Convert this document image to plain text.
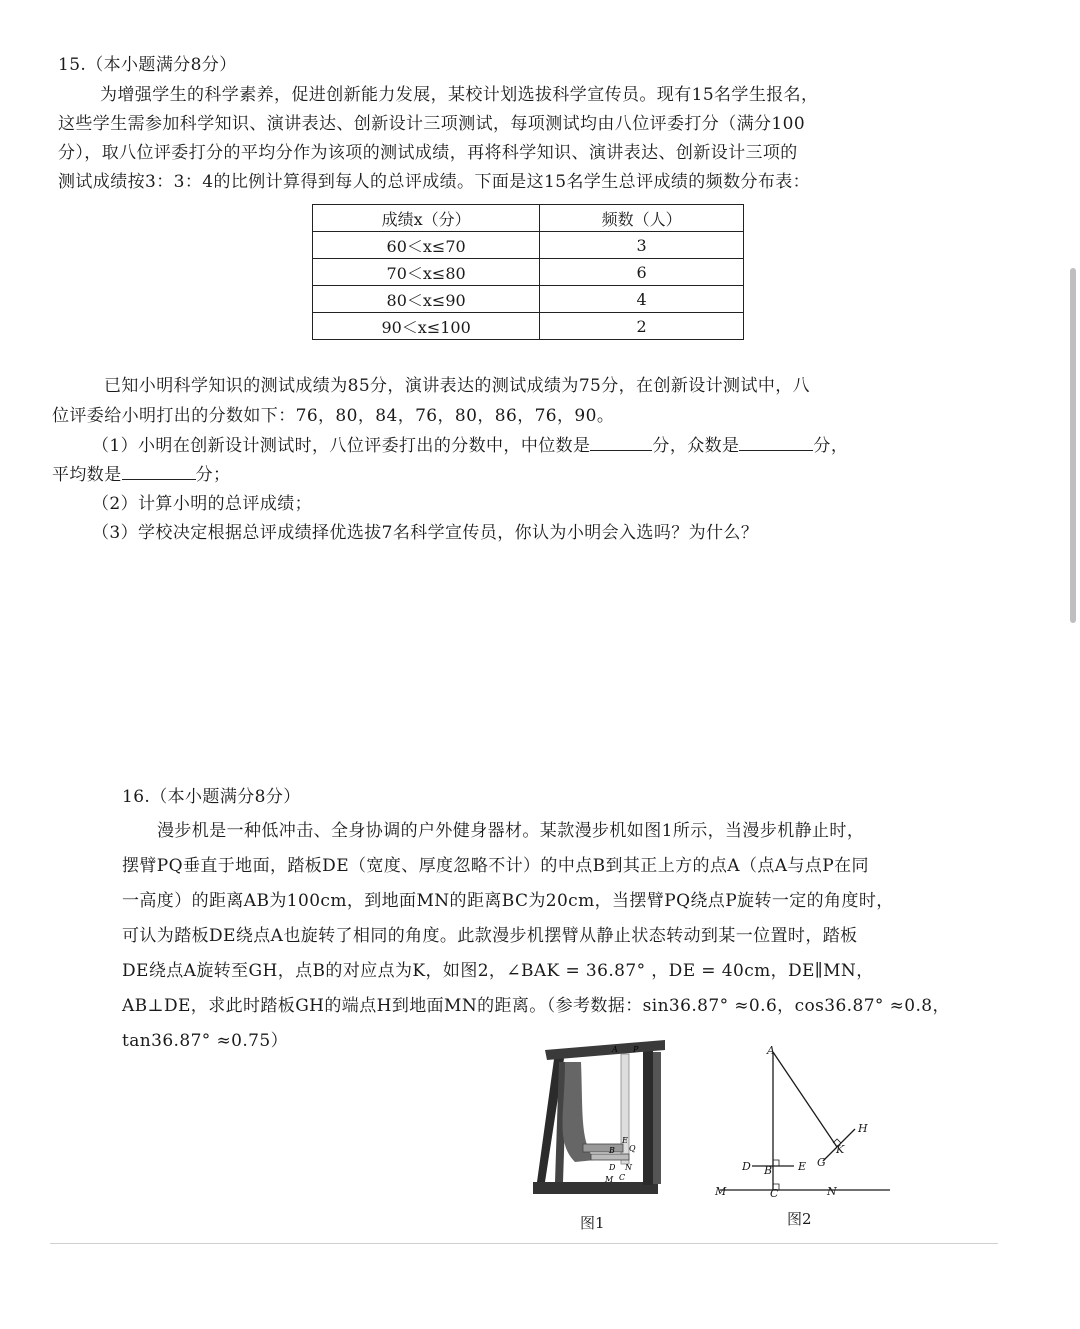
15.（本小题满分8分）
为增强学生的科学素养，促进创新能力发展，某校计划选拔科学宣传员。现有15名学生报名，
这些学生需参加科学知识、演讲表达、创新设计三项测试，每项测试均由八位评委打分（满分100
分），取八位评委打分的平均分作为该项的测试成绩，再将科学知识、演讲表达、创新设计三项的
测试成绩按3：3：4的比例计算得到每人的总评成绩。下面是这15名学生总评成绩的频数分布表：
成绩x（分）	频数（人）
60＜x≤70	3
70＜x≤80	6
80＜x≤90	4
90＜x≤100	2
已知小明科学知识的测试成绩为85分，演讲表达的测试成绩为75分，在创新设计测试中，八
位评委给小明打出的分数如下：76，80，84，76，80，86，76，90。
（1）小明在创新设计测试时，八位评委打出的分数中，中位数是	分，众数是	分，
平均数是	分；
（2）计算小明的总评成绩；
（3）学校决定根据总评成绩择优选拔7名科学宣传员，你认为小明会入选吗？为什么？
16.（本小题满分8分）
漫步机是一种低冲击、全身协调的户外健身器材。某款漫步机如图1所示，当漫步机静止时，
摆臂PQ垂直于地面，踏板DE（宽度、厚度忽略不计）的中点B到其正上方的点A（点A与点P在同
一高度）的距离AB为100cm，到地面MN的距离BC为20cm，当摆臂PQ绕点P旋转一定的角度时，
可认为踏板DE绕点A也旋转了相同的角度。此款漫步机摆臂从静止状态转动到某一位置时，踏板
DE绕点A旋转至GH，点B的对应点为K，如图2，∠BAK = 36.87° ，DE = 40cm，DE∥MN，
AB⊥DE，求此时踏板GH的端点H到地面MN的距离。（参考数据：sin36.87° ≈0.6，cos36.87° ≈0.8，
tan36.87° ≈0.75）	A P
E
B Q
D N
M C
图1
A
H
K
G
D B E
M	C	N
图2
